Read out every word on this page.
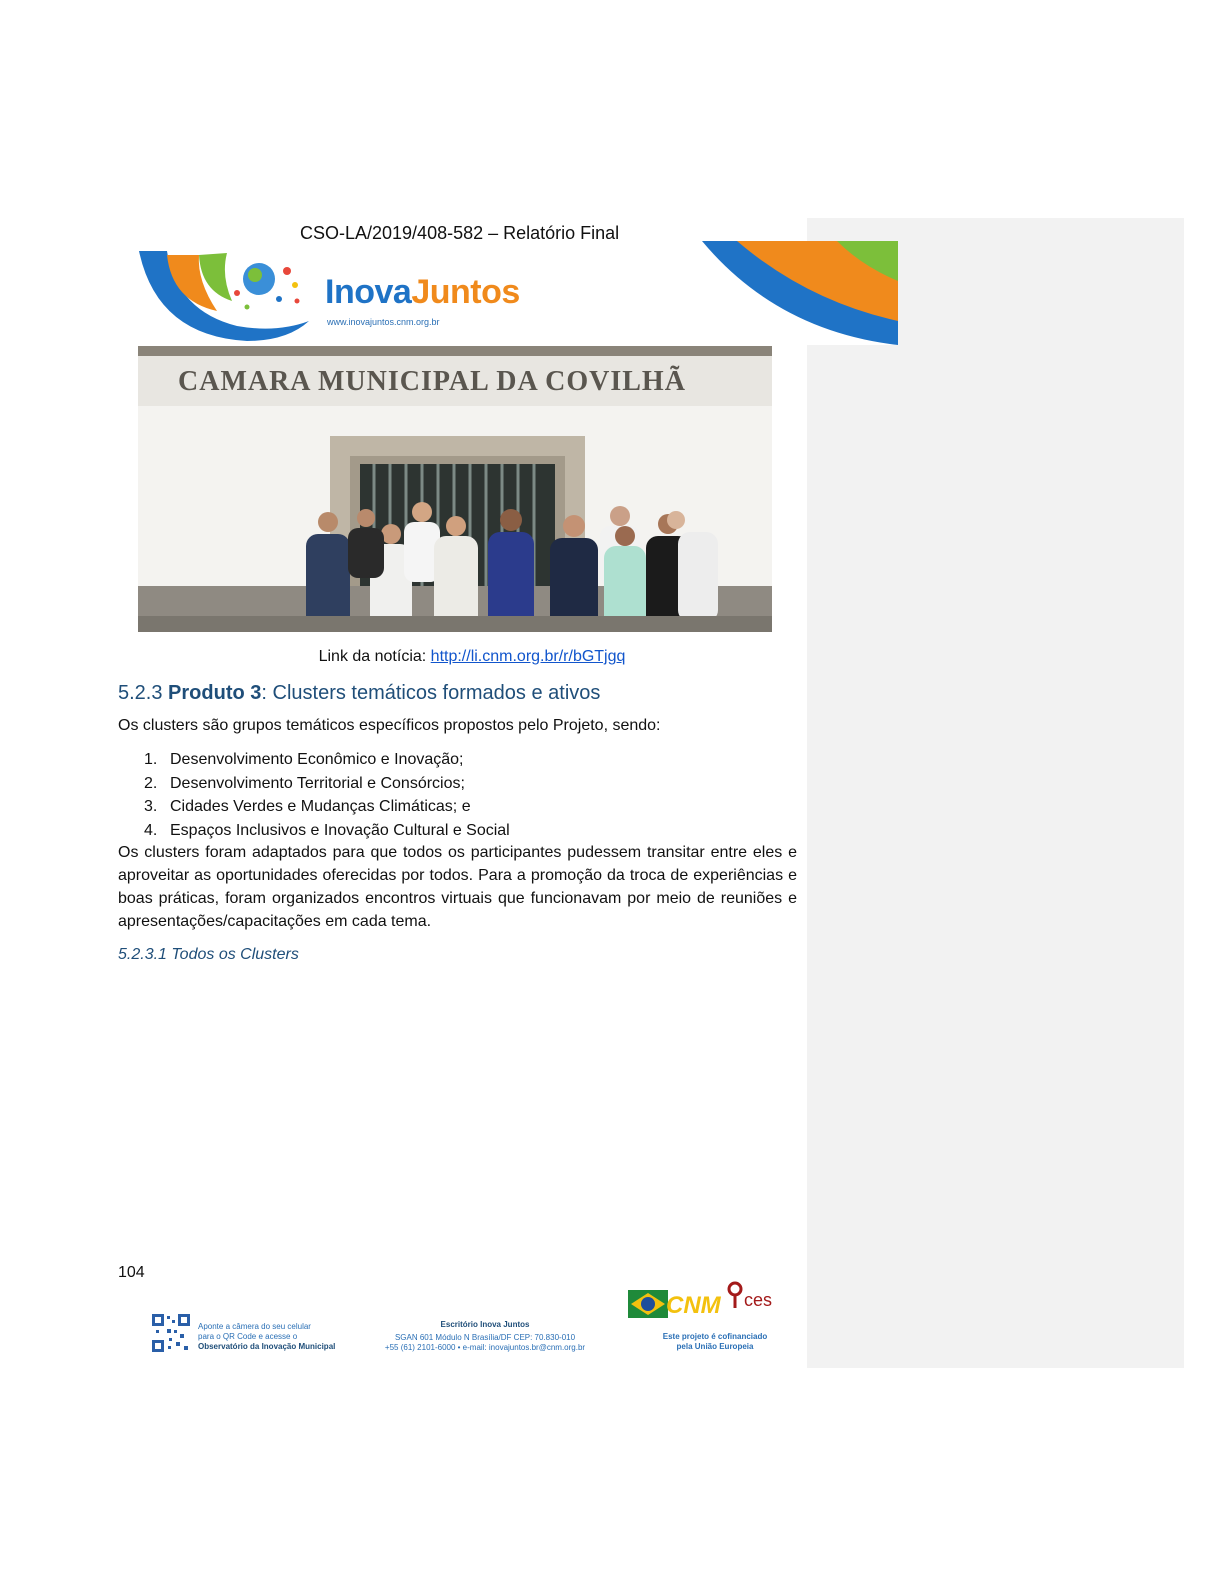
CSO-LA/2019/408-582 – Relatório Final
InovaJuntos
www.inovajuntos.cnm.org.br
CAMARA MUNICIPAL DA COVILHÃ
Link da notícia: http://li.cnm.org.br/r/bGTjgq
5.2.3 Produto 3: Clusters temáticos formados e ativos
Os clusters são grupos temáticos específicos propostos pelo Projeto, sendo:
1. Desenvolvimento Econômico e Inovação;
2. Desenvolvimento Territorial e Consórcios;
3. Cidades Verdes e Mudanças Climáticas; e
4. Espaços Inclusivos e Inovação Cultural e Social
Os clusters foram adaptados para que todos os participantes pudessem transitar entre eles e aproveitar as oportunidades oferecidas por todos. Para a promoção da troca de experiências e boas práticas, foram organizados encontros virtuais que funcionavam por meio de reuniões e apresentações/capacitações em cada tema.
5.2.3.1 Todos os Clusters
104
Aponte a câmera do seu celular
para o QR Code e acesse o
Observatório da Inovação Municipal
Escritório Inova Juntos
SGAN 601 Módulo N Brasília/DF CEP: 70.830-010
+55 (61) 2101-6000 • e-mail: inovajuntos.br@cnm.org.br
CNM ces
Este projeto é cofinanciado
pela União Europeia
